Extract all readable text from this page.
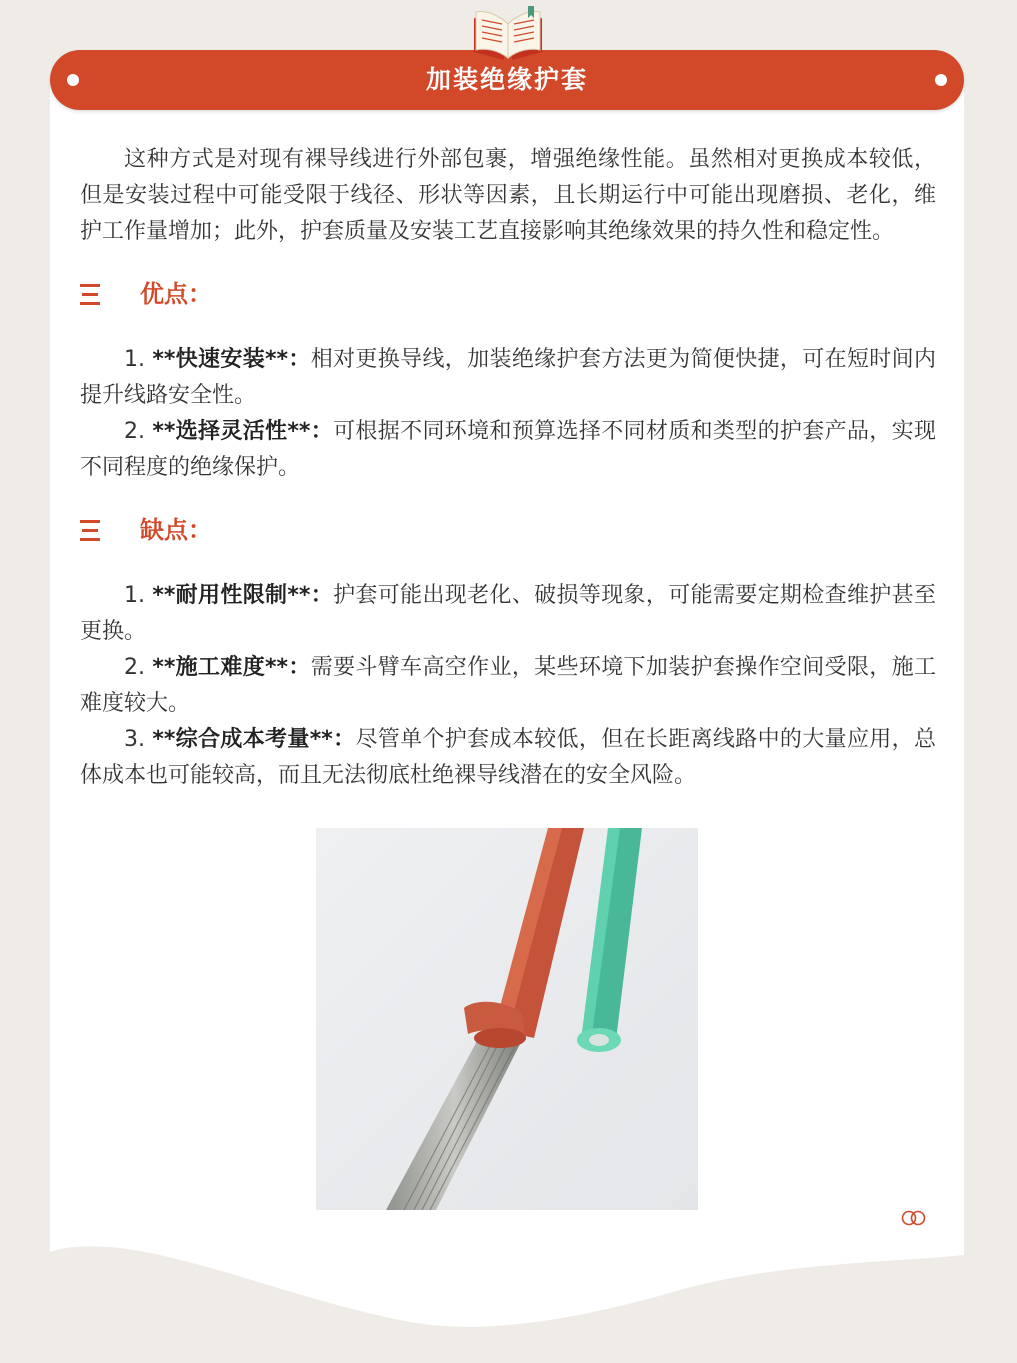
加装绝缘护套

这种方式是对现有裸导线进行外部包裹，增强绝缘性能。虽然相对更换成本较低，但是安装过程中可能受限于线径、形状等因素，且长期运行中可能出现磨损、老化，维护工作量增加；此外，护套质量及安装工艺直接影响其绝缘效果的持久性和稳定性。

优点：

1. **快速安装**：相对更换导线，加装绝缘护套方法更为简便快捷，可在短时间内提升线路安全性。

2. **选择灵活性**：可根据不同环境和预算选择不同材质和类型的护套产品，实现不同程度的绝缘保护。

缺点：

1. **耐用性限制**：护套可能出现老化、破损等现象，可能需要定期检查维护甚至更换。

2. **施工难度**：需要斗臂车高空作业，某些环境下加装护套操作空间受限，施工难度较大。

3. **综合成本考量**：尽管单个护套成本较低，但在长距离线路中的大量应用，总体成本也可能较高，而且无法彻底杜绝裸导线潜在的安全风险。
